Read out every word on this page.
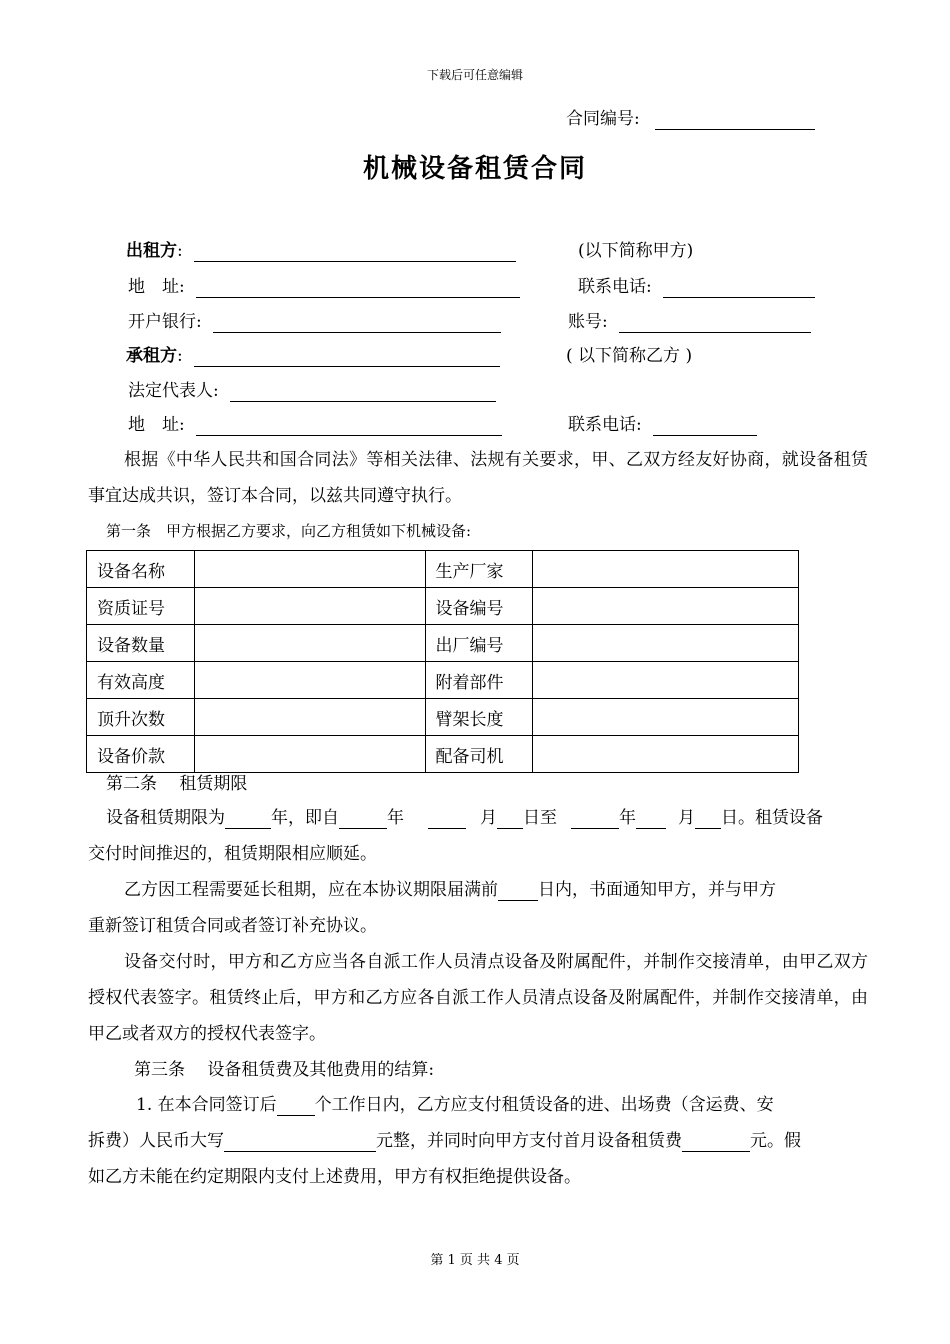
下载后可任意编辑
合同编号:
机械设备租赁合同
出租方:	(以下简称甲方)
地　址:	联系电话:
开户银行:	账号:
承租方:	( 以下简称乙方 )
法定代表人:
地　址:	联系电话:
根据《中华人民共和国合同法》等相关法律、法规有关要求，甲、乙双方经友好协商，就设备租赁事宜达成共识，签订本合同，以兹共同遵守执行。
第一条　甲方根据乙方要求，向乙方租赁如下机械设备:
设备名称		生产厂家	
资质证号		设备编号	
设备数量		出厂编号	
有效高度		附着部件	
顶升次数		臂架长度	
设备价款		配备司机	
第二条　 租赁期限
设备租赁期限为	年，即自	年	月 日至	年 月 日。租赁设备
交付时间推迟的，租赁期限相应顺延。
乙方因工程需要延长租期，应在本协议期限届满前 日内，书面通知甲方，并与甲方
重新签订租赁合同或者签订补充协议。
设备交付时，甲方和乙方应当各自派工作人员清点设备及附属配件，并制作交接清单，由甲乙双方授权代表签字。租赁终止后，甲方和乙方应各自派工作人员清点设备及附属配件，并制作交接清单，由甲乙或者双方的授权代表签字。
第三条　 设备租赁费及其他费用的结算:
1. 在本合同签订后 个工作日内，乙方应支付租赁设备的进、出场费（含运费、安
拆费）人民币大写	元整，并同时向甲方支付首月设备租赁费	元。假
如乙方未能在约定期限内支付上述费用，甲方有权拒绝提供设备。
第 1 页 共 4 页
